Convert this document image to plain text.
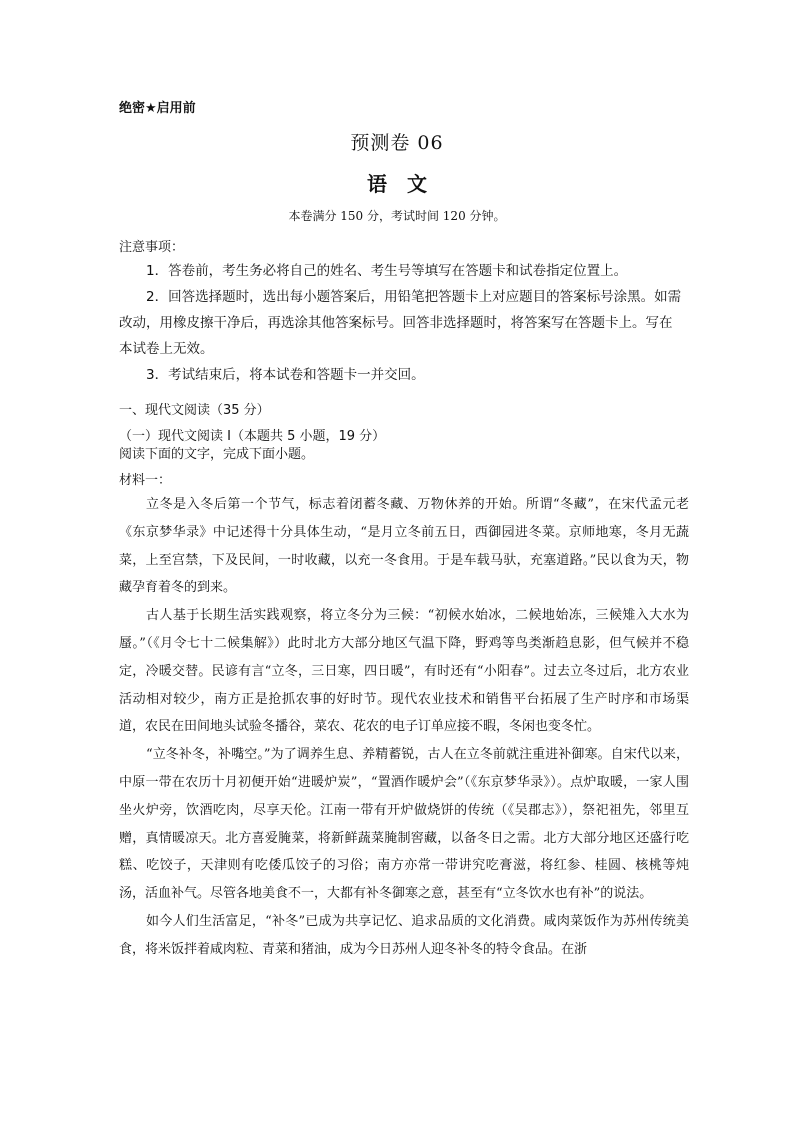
绝密★启用前
预测卷 06
语文
本卷满分 150 分，考试时间 120 分钟。
注意事项：

1．答卷前，考生务必将自己的姓名、考生号等填写在答题卡和试卷指定位置上。

2．回答选择题时，选出每小题答案后，用铅笔把答题卡上对应题目的答案标号涂黑。如需改动，用橡皮擦干净后，再选涂其他答案标号。回答非选择题时，将答案写在答题卡上。写在本试卷上无效。

3．考试结束后，将本试卷和答题卡一并交回。

一、现代文阅读（35 分）
（一）现代文阅读 I（本题共 5 小题，19 分）
阅读下面的文字，完成下面小题。
材料一：

立冬是入冬后第一个节气，标志着闭蓄冬藏、万物休养的开始。所谓“冬藏”，在宋代孟元老《东京梦华录》中记述得十分具体生动，“是月立冬前五日，西御园进冬菜。京师地寒，冬月无蔬菜，上至宫禁，下及民间，一时收藏，以充一冬食用。于是车载马驮，充塞道路。”民以食为天，物藏孕育着冬的到来。

古人基于长期生活实践观察，将立冬分为三候：“初候水始冰，二候地始冻，三候雉入大水为蜃。”（《月令七十二候集解》）此时北方大部分地区气温下降，野鸡等鸟类渐趋息影，但气候并不稳定，冷暖交替。民谚有言“立冬，三日寒，四日暖”，有时还有“小阳春”。过去立冬过后，北方农业活动相对较少，南方正是抢抓农事的好时节。现代农业技术和销售平台拓展了生产时序和市场渠道，农民在田间地头试验冬播谷，菜农、花农的电子订单应接不暇，冬闲也变冬忙。

“立冬补冬，补嘴空。”为了调养生息、养精蓄锐，古人在立冬前就注重进补御寒。自宋代以来，中原一带在农历十月初便开始“进暖炉炭”，“置酒作暖炉会”（《东京梦华录》）。点炉取暖，一家人围坐火炉旁，饮酒吃肉，尽享天伦。江南一带有开炉做烧饼的传统（《吴郡志》），祭祀祖先，邻里互赠，真情暖凉天。北方喜爱腌菜，将新鲜蔬菜腌制窖藏，以备冬日之需。北方大部分地区还盛行吃糕、吃饺子，天津则有吃倭瓜饺子的习俗；南方亦常一带讲究吃膏滋，将红参、桂圆、核桃等炖汤，活血补气。尽管各地美食不一，大都有补冬御寒之意，甚至有“立冬饮水也有补”的说法。

如今人们生活富足，“补冬”已成为共享记忆、追求品质的文化消费。咸肉菜饭作为苏州传统美食，将米饭拌着咸肉粒、青菜和猪油，成为今日苏州人迎冬补冬的特令食品。在浙
